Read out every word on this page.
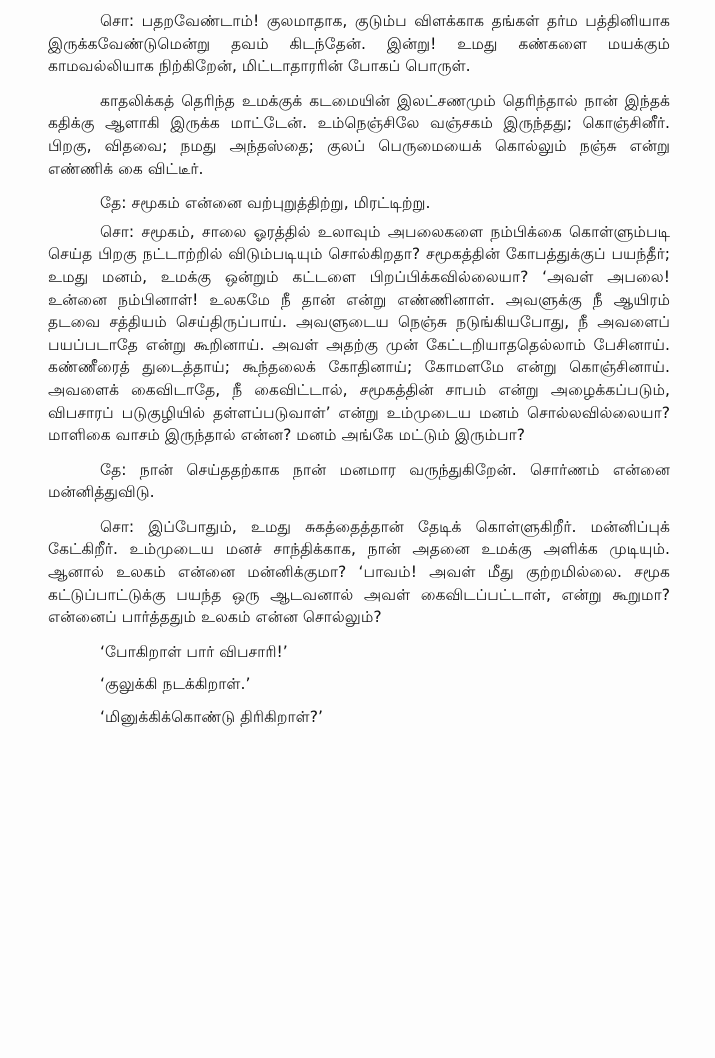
சொ: பதறவேண்டாம்! குலமாதாக, குடும்ப விளக்காக தங்கள் தர்ம பத்தினியாக இருக்கவேண்டுமென்று தவம் கிடந்தேன். இன்று! உமது கண்களை மயக்கும் காமவல்லியாக நிற்கிறேன், மிட்டாதாரரின் போகப் பொருள்.

காதலிக்கத் தெரிந்த உமக்குக் கடமையின் இலட்சணமும் தெரிந்தால் நான் இந்தக் கதிக்கு ஆளாகி இருக்க மாட்டேன். உம்நெஞ்சிலே வஞ்சகம் இருந்தது; கொஞ்சினீர். பிறகு, விதவை; நமது அந்தஸ்தை; குலப் பெருமையைக் கொல்லும் நஞ்சு என்று எண்ணிக் கை விட்டீர்.

தே: சமூகம் என்னை வற்புறுத்திற்று, மிரட்டிற்று.

சொ: சமூகம், சாலை ஓரத்தில் உலாவும் அபலைகளை நம்பிக்கை கொள்ளும்படி செய்த பிறகு நட்டாற்றில் விடும்படியும் சொல்கிறதா? சமூகத்தின் கோபத்துக்குப் பயந்தீர்; உமது மனம், உமக்கு ஒன்றும் கட்டளை பிறப்பிக்கவில்லையா? ‘அவள் அபலை! உன்னை நம்பினாள்! உலகமே நீ தான் என்று எண்ணினாள். அவளுக்கு நீ ஆயிரம் தடவை சத்தியம் செய்திருப்பாய். அவளுடைய நெஞ்சு நடுங்கியபோது, நீ அவளைப் பயப்படாதே என்று கூறினாய். அவள் அதற்கு முன் கேட்டறியாததெல்லாம் பேசினாய். கண்ணீரைத் துடைத்தாய்; கூந்தலைக் கோதினாய்; கோமளமே என்று கொஞ்சினாய். அவளைக் கைவிடாதே, நீ கைவிட்டால், சமூகத்தின் சாபம் என்று அழைக்கப்படும், விபசாரப் படுகுழியில் தள்ளப்படுவாள்’ என்று உம்முடைய மனம் சொல்லவில்லையா? மாளிகை வாசம் இருந்தால் என்ன? மனம் அங்கே மட்டும் இரும்பா?

தே: நான் செய்ததற்காக நான் மனமார வருந்துகிறேன். சொர்ணம் என்னை மன்னித்துவிடு.

சொ: இப்போதும், உமது சுகத்தைத்தான் தேடிக் கொள்ளுகிறீர். மன்னிப்புக் கேட்கிறீர். உம்முடைய மனச் சாந்திக்காக, நான் அதனை உமக்கு அளிக்க முடியும். ஆனால் உலகம் என்னை மன்னிக்குமா? ‘பாவம்! அவள் மீது குற்றமில்லை. சமூக கட்டுப்பாட்டுக்கு பயந்த ஒரு ஆடவனால் அவள் கைவிடப்பட்டாள், என்று கூறுமா? என்னைப் பார்த்ததும் உலகம் என்ன சொல்லும்?

‘போகிறாள் பார் விபசாரி!’

‘குலுக்கி நடக்கிறாள்.’

‘மினுக்கிக்கொண்டு திரிகிறாள்?’
